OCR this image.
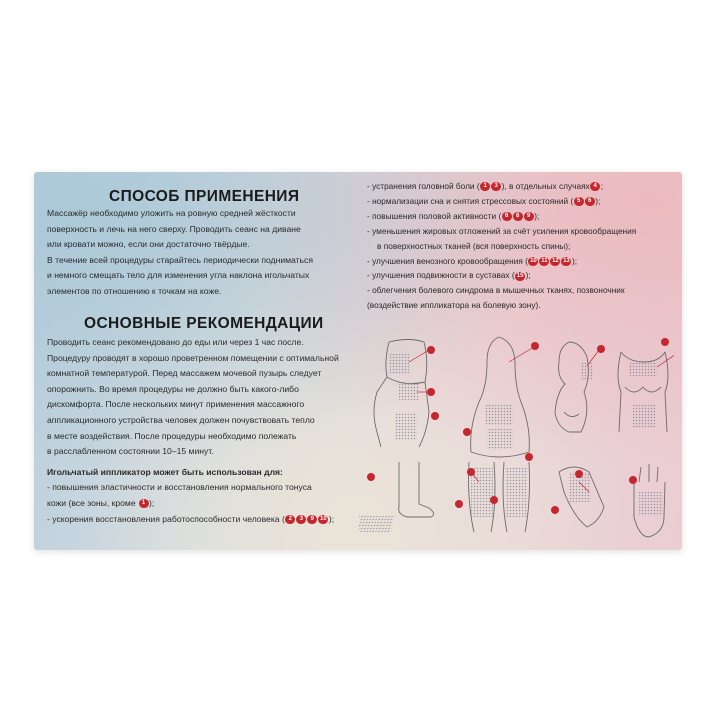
СПОСОБ ПРИМЕНЕНИЯ
Массажёр необходимо уложить на ровную средней жёсткости
поверхность и лечь на него сверху. Проводить сеанс на диване
или кровати можно, если они достаточно твёрдые.
В течение всей процедуры старайтесь периодически подниматься
и немного смещать тело для изменения угла наклона игольчатых
элементов по отношению к точкам на коже.
ОСНОВНЫЕ РЕКОМЕНДАЦИИ
Проводить сеанс рекомендовано до еды или через 1 час после.
Процедуру проводят в хорошо проветренном помещении с оптимальной
комнатной температурой. Перед массажем мочевой пузырь следует
опорожнить. Во время процедуры не должно быть какого-либо
дискомфорта. После нескольких минут применения массажного
аппликационного устройства человек должен почувствовать тепло
в месте воздействия. После процедуры необходимо полежать
в расслабленном состоянии 10–15 минут.
Игольчатый иппликатор может быть использован для:
- повышения эластичности и восстановления нормального тонуса
кожи (все зоны, кроме 1 );
- ускорения восстановления работоспособности человека ( 2 3 9 10 );
- устранения головной боли ( 1 3 ), в отдельных случаях 4 ;
- нормализации сна и снятия стрессовых состояний ( 5 6 );
- повышения половой активности ( 6 8 9 );
- уменьшения жировых отложений за счёт усиления кровообращения
в поверхностных тканей (вся поверхность спины);
- улучшения венозного кровообращения ( 10 11 12 13 );
- улучшения подвижности в суставах ( 15 );
- облегчения болевого синдрома в мышечных тканях, позвоночник
(воздействие иппликатора на болевую зону).
